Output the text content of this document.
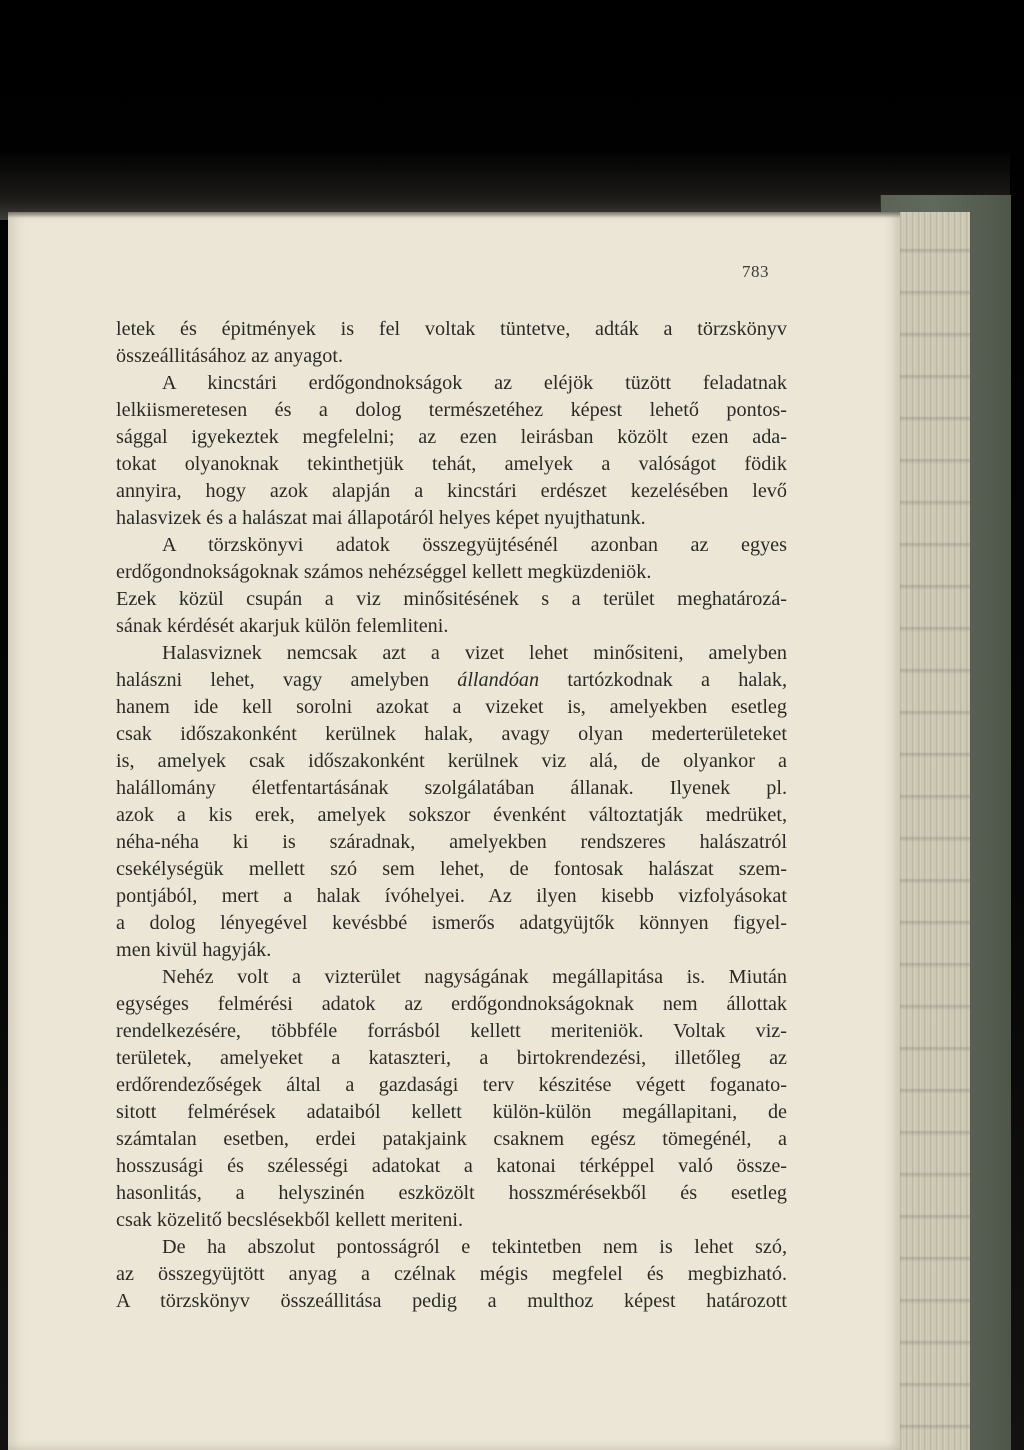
783
letek és épitmények is fel voltak tüntetve, adták a törzskönyv
összeállitásához az anyagot.
A kincstári erdőgondnokságok az eléjök tüzött feladatnak
lelkiismeretesen és a dolog természetéhez képest lehető pontos-
sággal igyekeztek megfelelni; az ezen leirásban közölt ezen ada-
tokat olyanoknak tekinthetjük tehát, amelyek a valóságot födik
annyira, hogy azok alapján a kincstári erdészet kezelésében levő
halasvizek és a halászat mai állapotáról helyes képet nyujthatunk.
A törzskönyvi adatok összegyüjtésénél azonban az egyes
erdőgondnokságoknak számos nehézséggel kellett megküzdeniök.
Ezek közül csupán a viz minősitésének s a terület meghatározá-
sának kérdését akarjuk külön felemliteni.
Halasviznek nemcsak azt a vizet lehet minősiteni, amelyben
halászni lehet, vagy amelyben állandóan tartózkodnak a halak,
hanem ide kell sorolni azokat a vizeket is, amelyekben esetleg
csak időszakonként kerülnek halak, avagy olyan mederterületeket
is, amelyek csak időszakonként kerülnek viz alá, de olyankor a
halállomány életfentartásának szolgálatában állanak. Ilyenek pl.
azok a kis erek, amelyek sokszor évenként változtatják medrüket,
néha-néha ki is száradnak, amelyekben rendszeres halászatról
csekélységük mellett szó sem lehet, de fontosak halászat szem-
pontjából, mert a halak ívóhelyei. Az ilyen kisebb vizfolyásokat
a dolog lényegével kevésbbé ismerős adatgyüjtők könnyen figyel-
men kivül hagyják.
Nehéz volt a vizterület nagyságának megállapitása is. Miután
egységes felmérési adatok az erdőgondnokságoknak nem állottak
rendelkezésére, többféle forrásból kellett meriteniök. Voltak viz-
területek, amelyeket a kataszteri, a birtokrendezési, illetőleg az
erdőrendezőségek által a gazdasági terv készitése végett foganato-
sitott felmérések adataiból kellett külön-külön megállapitani, de
számtalan esetben, erdei patakjaink csaknem egész tömegénél, a
hosszusági és szélességi adatokat a katonai térképpel való össze-
hasonlitás, a helyszinén eszközölt hosszmérésekből és esetleg
csak közelitő becslésekből kellett meriteni.
De ha abszolut pontosságról e tekintetben nem is lehet szó,
az összegyüjtött anyag a czélnak mégis megfelel és megbizható.
A törzskönyv összeállitása pedig a multhoz képest határozott
